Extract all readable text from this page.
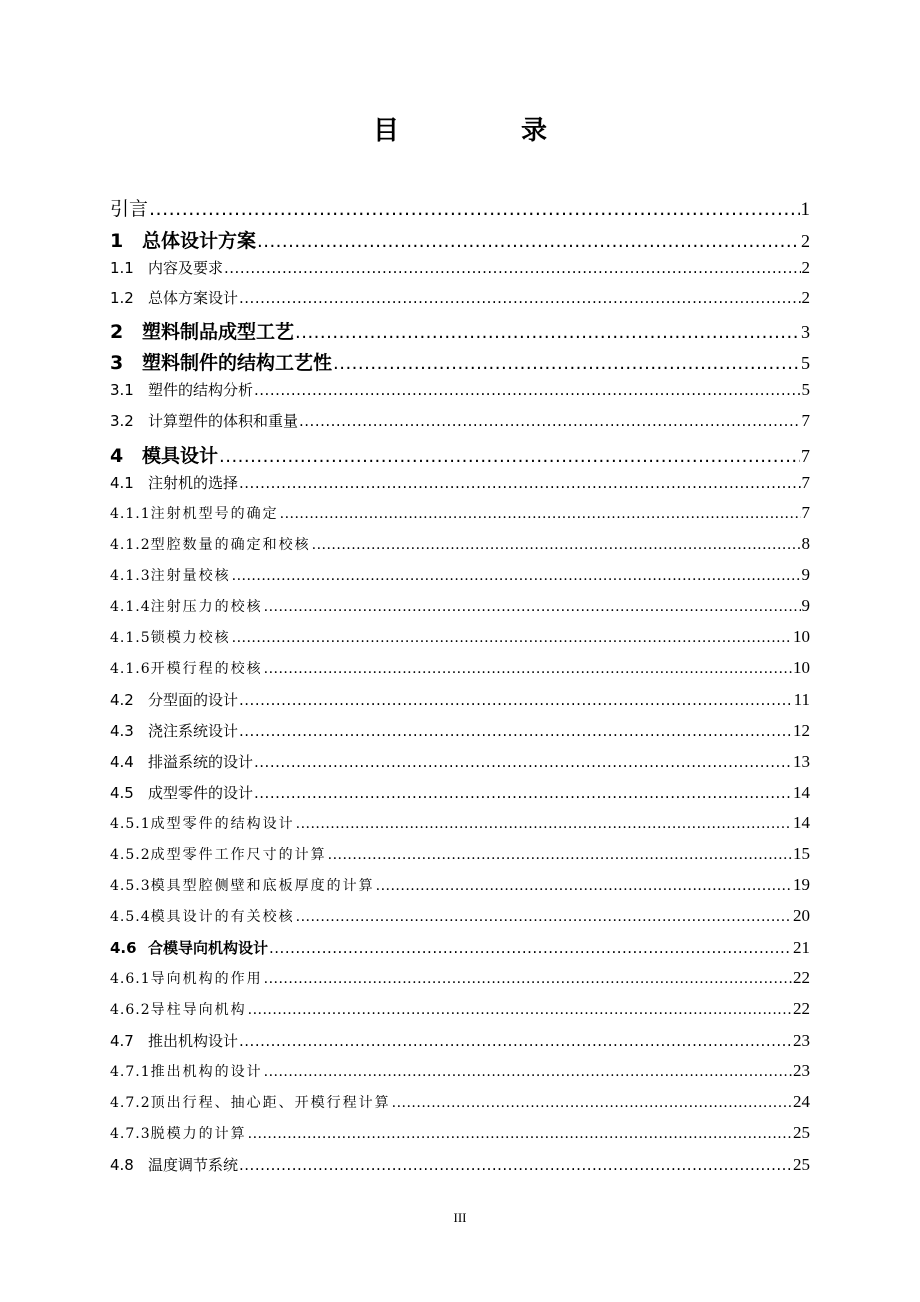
目　录
引言 .....	1
1 总体设计方案 .....	2
1.1 内容及要求 .....	2
1.2 总体方案设计 .....	2
2 塑料制品成型工艺 .....	3
3 塑料制件的结构工艺性 .....	5
3.1 塑件的结构分析 .....	5
3.2 计算塑件的体积和重量 .....	7
4 模具设计 .....	7
4.1 注射机的选择 .....	7
4.1.1 注射机型号的确定 .....	7
4.1.2 型腔数量的确定和校核 .....	8
4.1.3 注射量校核 .....	9
4.1.4 注射压力的校核 .....	9
4.1.5 锁模力校核 .....	10
4.1.6 开模行程的校核 .....	10
4.2 分型面的设计 .....	11
4.3 浇注系统设计 .....	12
4.4 排溢系统的设计 .....	13
4.5 成型零件的设计 .....	14
4.5.1 成型零件的结构设计 .....	14
4.5.2 成型零件工作尺寸的计算 .....	15
4.5.3 模具型腔侧壁和底板厚度的计算 .....	19
4.5.4 模具设计的有关校核 .....	20
4.6 合模导向机构设计 .....	21
4.6.1 导向机构的作用 .....	22
4.6.2 导柱导向机构 .....	22
4.7 推出机构设计 .....	23
4.7.1 推出机构的设计 .....	23
4.7.2 顶出行程、抽心距、开模行程计算 .....	24
4.7.3 脱模力的计算 .....	25
4.8 温度调节系统 .....	25
III
